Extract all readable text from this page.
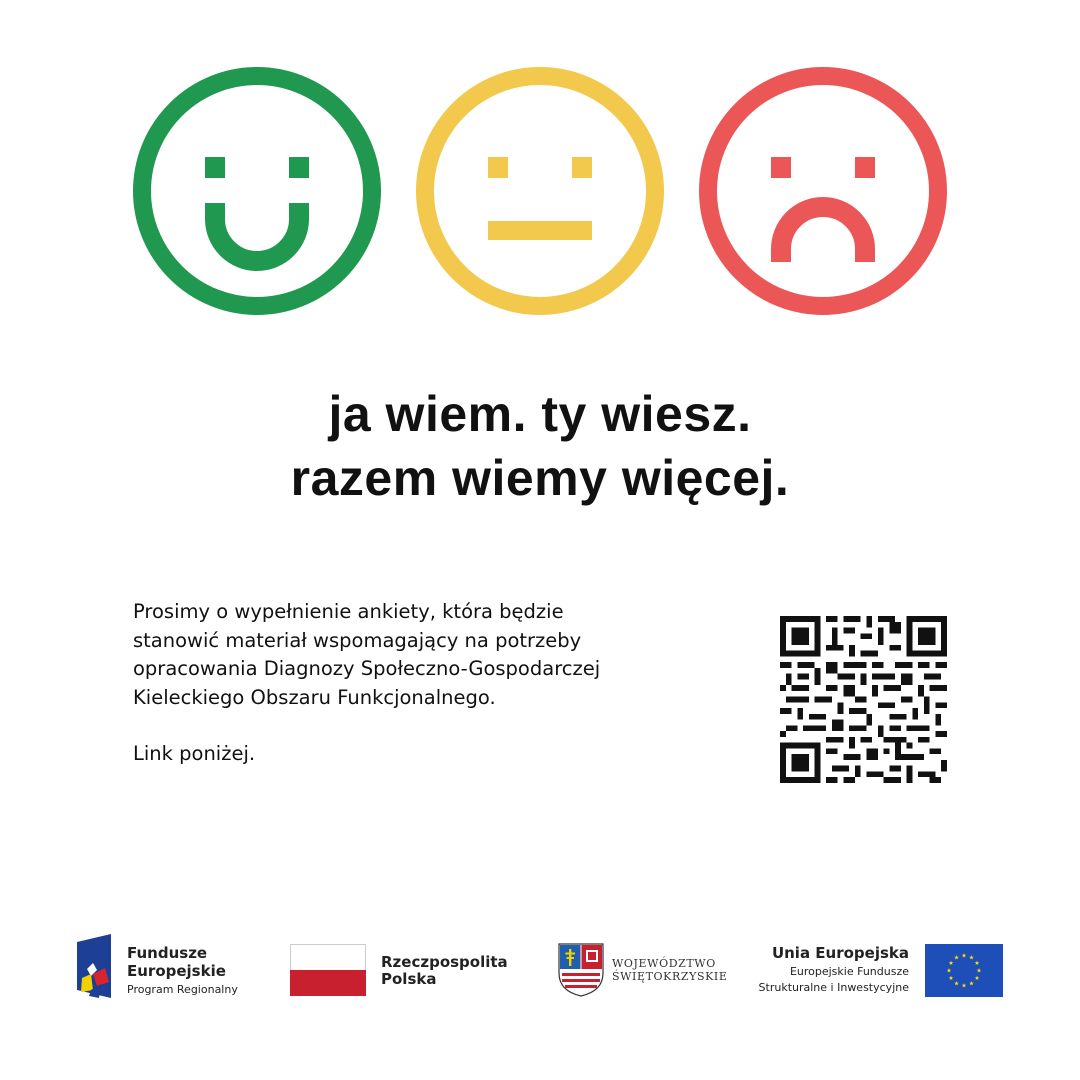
ja wiem. ty wiesz.
razem wiemy więcej.
Prosimy o wypełnienie ankiety, która będzie
stanowić materiał wspomagający na potrzeby
opracowania Diagnozy Społeczno-Gospodarczej
Kieleckiego Obszaru Funkcjonalnego.
Link poniżej.
Fundusze
Europejskie
Program Regionalny
Rzeczpospolita
Polska
WOJEWÓDZTWO
ŚWIĘTOKRZYSKIE
Unia Europejska
Europejskie Fundusze
Strukturalne i Inwestycyjne
